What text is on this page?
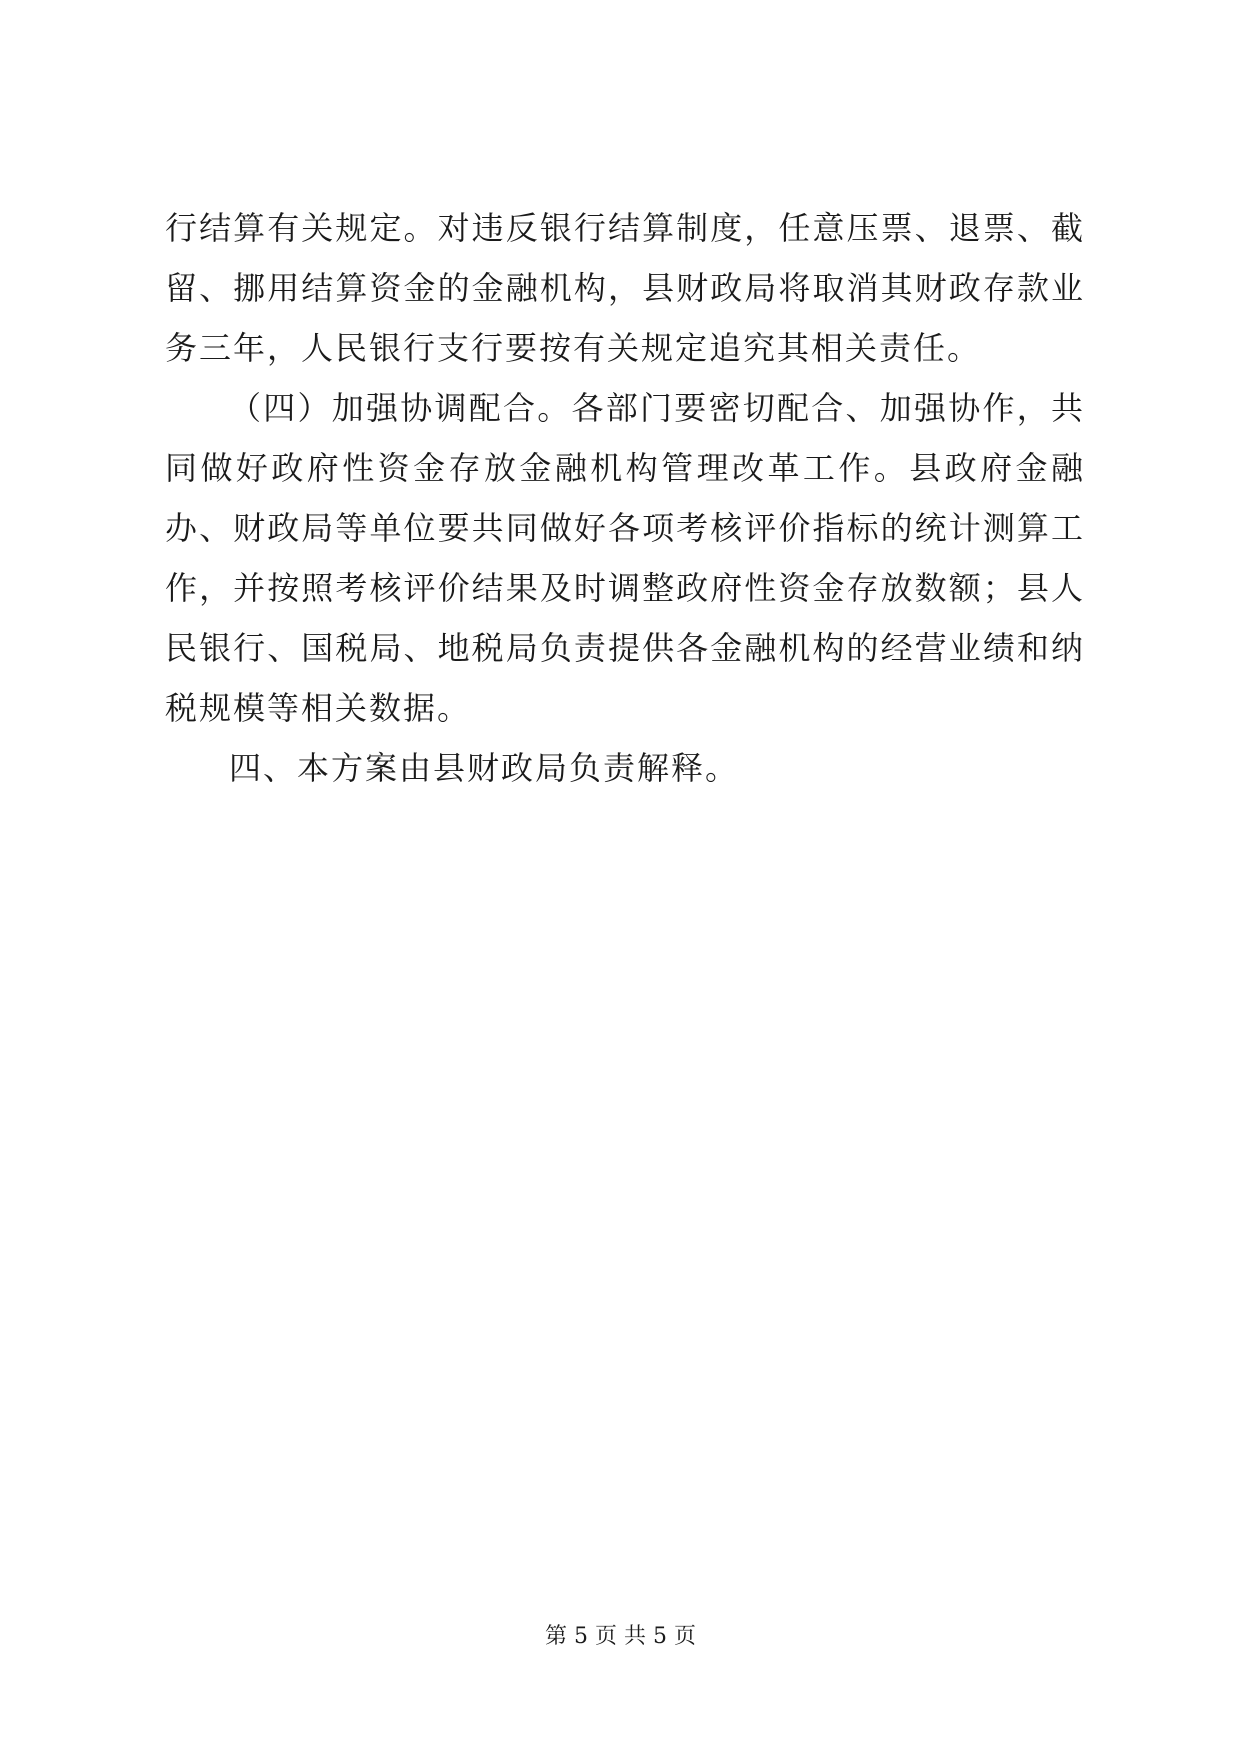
行结算有关规定。对违反银行结算制度，任意压票、退票、截留、挪用结算资金的金融机构，县财政局将取消其财政存款业务三年，人民银行支行要按有关规定追究其相关责任。

（四）加强协调配合。各部门要密切配合、加强协作，共同做好政府性资金存放金融机构管理改革工作。县政府金融办、财政局等单位要共同做好各项考核评价指标的统计测算工作，并按照考核评价结果及时调整政府性资金存放数额；县人民银行、国税局、地税局负责提供各金融机构的经营业绩和纳税规模等相关数据。

四、本方案由县财政局负责解释。

第 5 页 共 5 页
